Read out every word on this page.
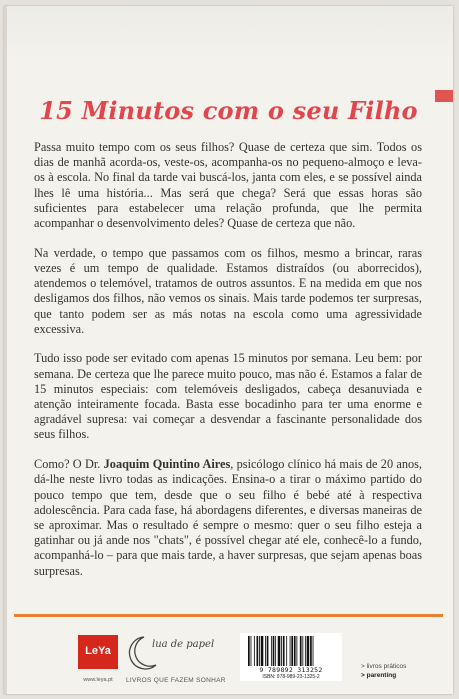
15 Minutos com o seu Filho

Passa muito tempo com os seus filhos? Quase de certeza que sim. Todos os dias de manhã acorda-os, veste-os, acompanha-os no pequeno-almoço e leva-os à escola. No final da tarde vai buscá-los, janta com eles, e se possível ainda lhes lê uma história... Mas será que chega? Será que essas horas são suficientes para estabelecer uma relação profunda, que lhe permita acompanhar o desenvolvimento deles? Quase de certeza que não.

Na verdade, o tempo que passamos com os filhos, mesmo a brincar, raras vezes é um tempo de qualidade. Estamos distraídos (ou aborrecidos), atendemos o telemóvel, tratamos de outros assuntos. E na medida em que nos desligamos dos filhos, não vemos os sinais. Mais tarde podemos ter surpresas, que tanto podem ser as más notas na escola como uma agressividade excessiva.

Tudo isso pode ser evitado com apenas 15 minutos por semana. Leu bem: por semana. De certeza que lhe parece muito pouco, mas não é. Estamos a falar de 15 minutos especiais: com telemóveis desligados, cabeça desanuviada e atenção inteiramente focada. Basta esse bocadinho para ter uma enorme e agradável supresa: vai começar a desvendar a fascinante personalidade dos seus filhos.

Como? O Dr. Joaquim Quintino Aires, psicólogo clínico há mais de 20 anos, dá-lhe neste livro todas as indicações. Ensina-o a tirar o máximo partido do pouco tempo que tem, desde que o seu filho é bebé até à respectiva adolescência. Para cada fase, há abordagens diferentes, e diversas maneiras de se aproximar. Mas o resultado é sempre o mesmo: quer o seu filho esteja a gatinhar ou já ande nos "chats", é possível chegar até ele, conhecê-lo a fundo, acompanhá-lo – para que mais tarde, a haver surpresas, que sejam apenas boas surpresas.

LeYa
www.leya.pt
lua de papel
LIVROS QUE FAZEM SONHAR
9 789892 313252
ISBN: 978-989-23-1325-2
> livros práticos
> parenting
